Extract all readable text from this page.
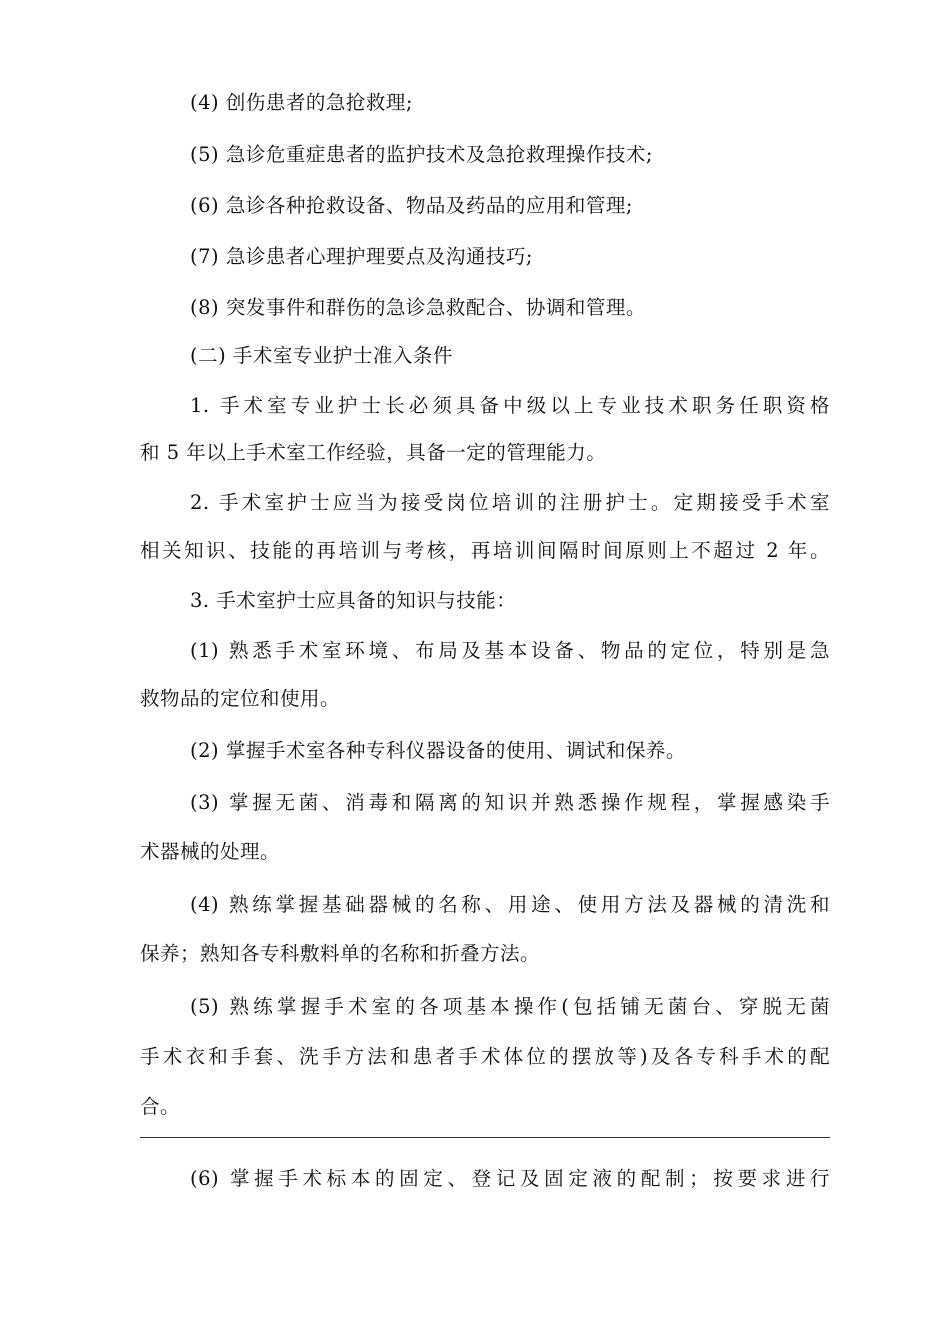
(4) 创伤患者的急抢救理;
(5) 急诊危重症患者的监护技术及急抢救理操作技术;
(6) 急诊各种抢救设备、物品及药品的应用和管理;
(7) 急诊患者心理护理要点及沟通技巧;
(8) 突发事件和群伤的急诊急救配合、协调和管理。
(二) 手术室专业护士准入条件
1. 手术室专业护士长必须具备中级以上专业技术职务任职资格
和 5 年以上手术室工作经验，具备一定的管理能力。
2. 手术室护士应当为接受岗位培训的注册护士。定期接受手术室
相关知识、技能的再培训与考核，再培训间隔时间原则上不超过 2 年。
3. 手术室护士应具备的知识与技能：
(1) 熟悉手术室环境、布局及基本设备、物品的定位，特别是急
救物品的定位和使用。
(2) 掌握手术室各种专科仪器设备的使用、调试和保养。
(3) 掌握无菌、消毒和隔离的知识并熟悉操作规程，掌握感染手
术器械的处理。
(4) 熟练掌握基础器械的名称、用途、使用方法及器械的清洗和
保养；熟知各专科敷料单的名称和折叠方法。
(5) 熟练掌握手术室的各项基本操作(包括铺无菌台、穿脱无菌
手术衣和手套、洗手方法和患者手术体位的摆放等)及各专科手术的配
合。
(6) 掌握手术标本的固定、登记及固定液的配制；按要求进行
